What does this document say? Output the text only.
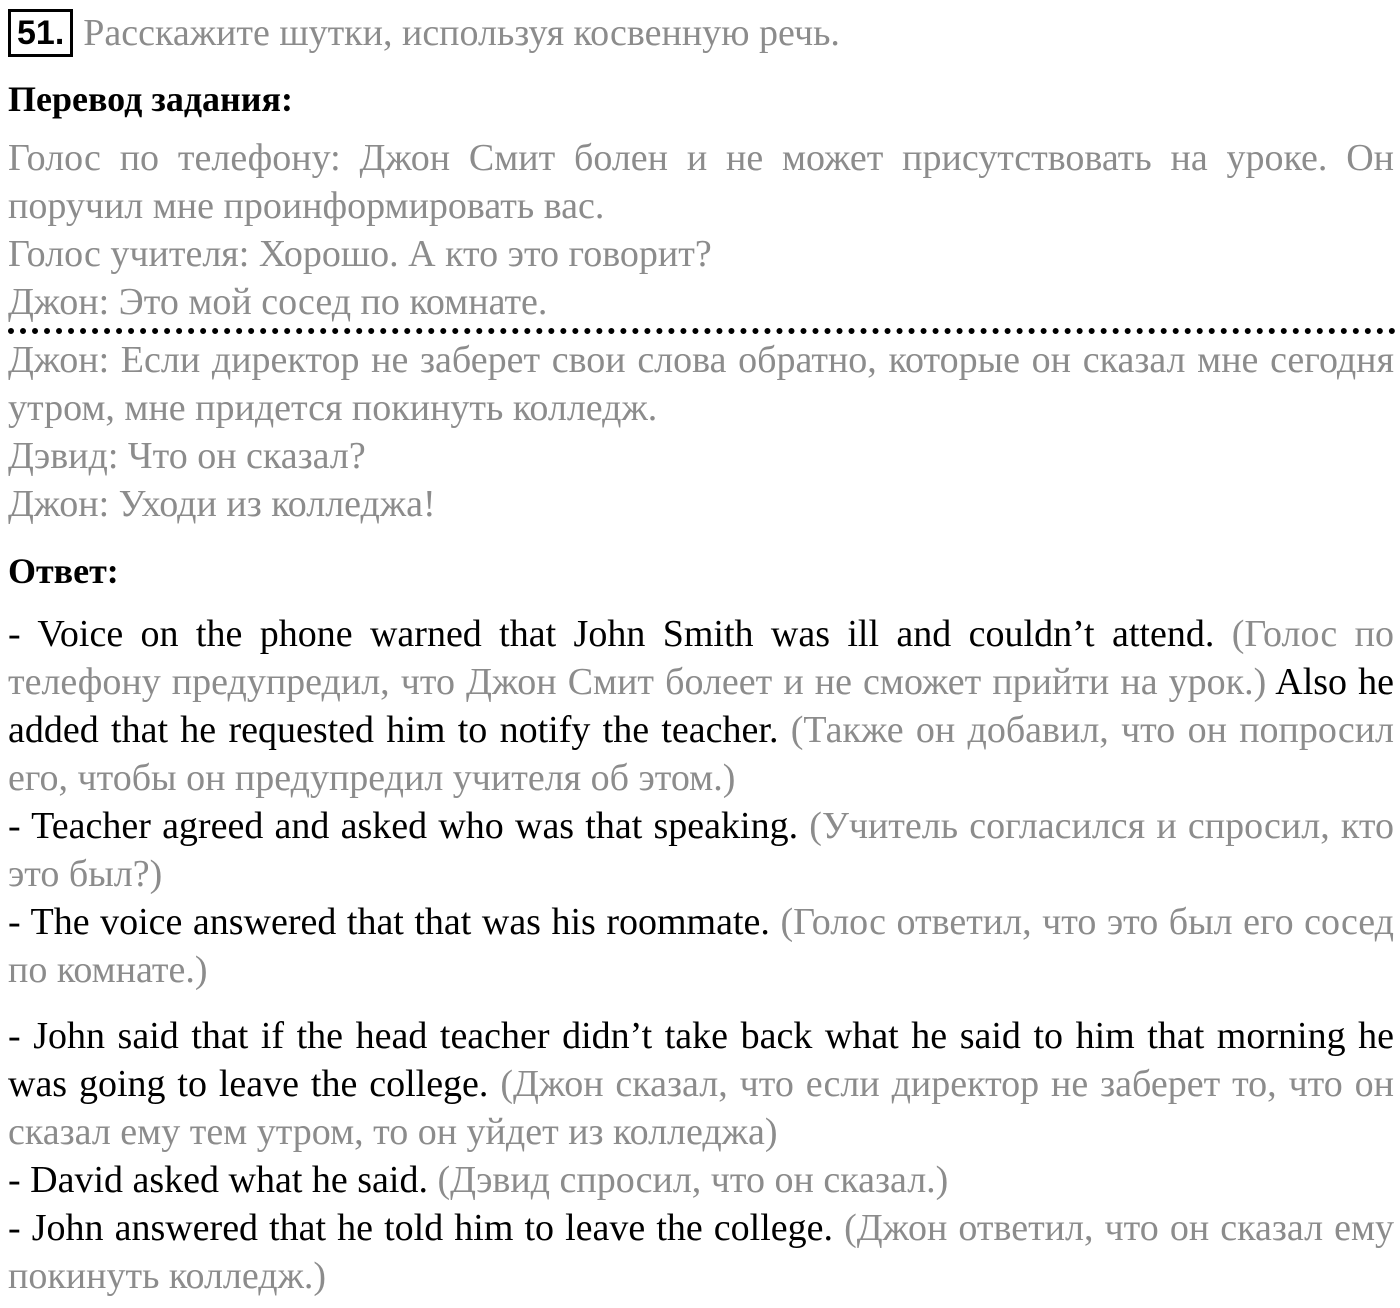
51. Расскажите шутки, используя косвенную речь.
Перевод задания:

Голос по телефону: Джон Смит болен и не может присутствовать на уроке. Он поручил мне проинформировать вас.

Голос учителя: Хорошо. А кто это говорит?

Джон: Это мой сосед по комнате.

Джон: Если директор не заберет свои слова обратно, которые он сказал мне сегодня утром, мне придется покинуть колледж.

Дэвид: Что он сказал?

Джон: Уходи из колледжа!

Ответ:

- Voice on the phone warned that John Smith was ill and couldn’t attend. (Голос по телефону предупредил, что Джон Смит болеет и не сможет прийти на урок.) Also he added that he requested him to notify the teacher. (Также он добавил, что он попросил его, чтобы он предупредил учителя об этом.)

- Teacher agreed and asked who was that speaking. (Учитель согласился и спросил, кто это был?)

- The voice answered that that was his roommate. (Голос ответил, что это был его сосед по комнате.)

- John said that if the head teacher didn’t take back what he said to him that morning he was going to leave the college. (Джон сказал, что если директор не заберет то, что он сказал ему тем утром, то он уйдет из колледжа)

- David asked what he said. (Дэвид спросил, что он сказал.)

- John answered that he told him to leave the college. (Джон ответил, что он сказал ему покинуть колледж.)
